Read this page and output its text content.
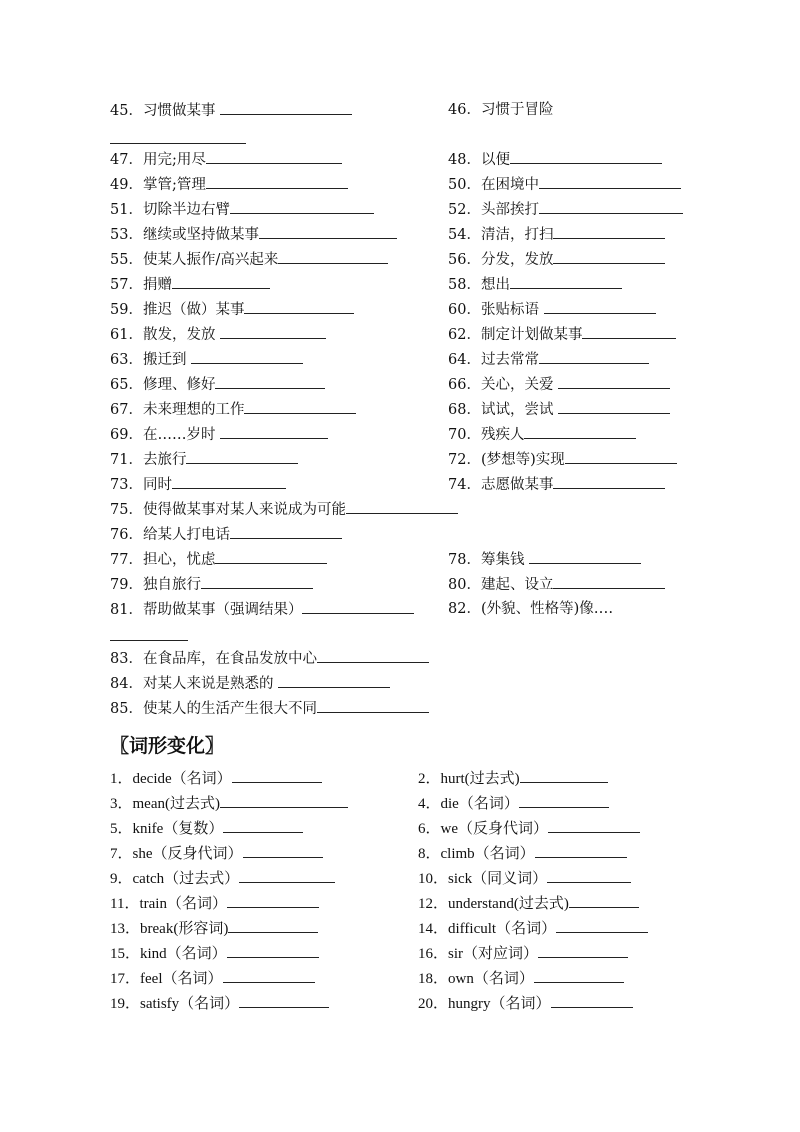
45．习惯做某事	46．习惯于冒险
47．用完;用尽	48．以便
49．掌管;管理	50．在困境中
51．切除半边右臂	52．头部挨打
53．继续或坚持做某事	54．清洁，打扫
55．使某人振作/高兴起来	56．分发，发放
57．捐赠	58．想出
59．推迟（做）某事	60．张贴标语
61．散发，发放	62．制定计划做某事
63．搬迁到	64．过去常常
65．修理、修好	66．关心，关爱
67．未来理想的工作	68．试试，尝试
69．在……岁时	70．残疾人
71．去旅行	72．(梦想等)实现
73．同时	74．志愿做某事
75．使得做某事对某人来说成为可能
76．给某人打电话
77．担心，忧虑	78．筹集钱
79．独自旅行	80．建起、设立
81．帮助做某事（强调结果）	82．(外貌、性格等)像‥‥
83．在食品库，在食品发放中心
84．对某人来说是熟悉的
85．使某人的生活产生很大不同
〖词形变化〗
1．decide（名词）	2．hurt(过去式)
3．mean(过去式)	4．die（名词）
5．knife（复数）	6．we（反身代词）
7．she（反身代词）	8．climb（名词）
9．catch（过去式）	10．sick（同义词）
11．train（名词）	12．understand(过去式)
13．break(形容词)	14．difficult（名词）
15．kind（名词）	16．sir（对应词）
17．feel（名词）	18．own（名词）
19．satisfy（名词）	20．hungry（名词）
